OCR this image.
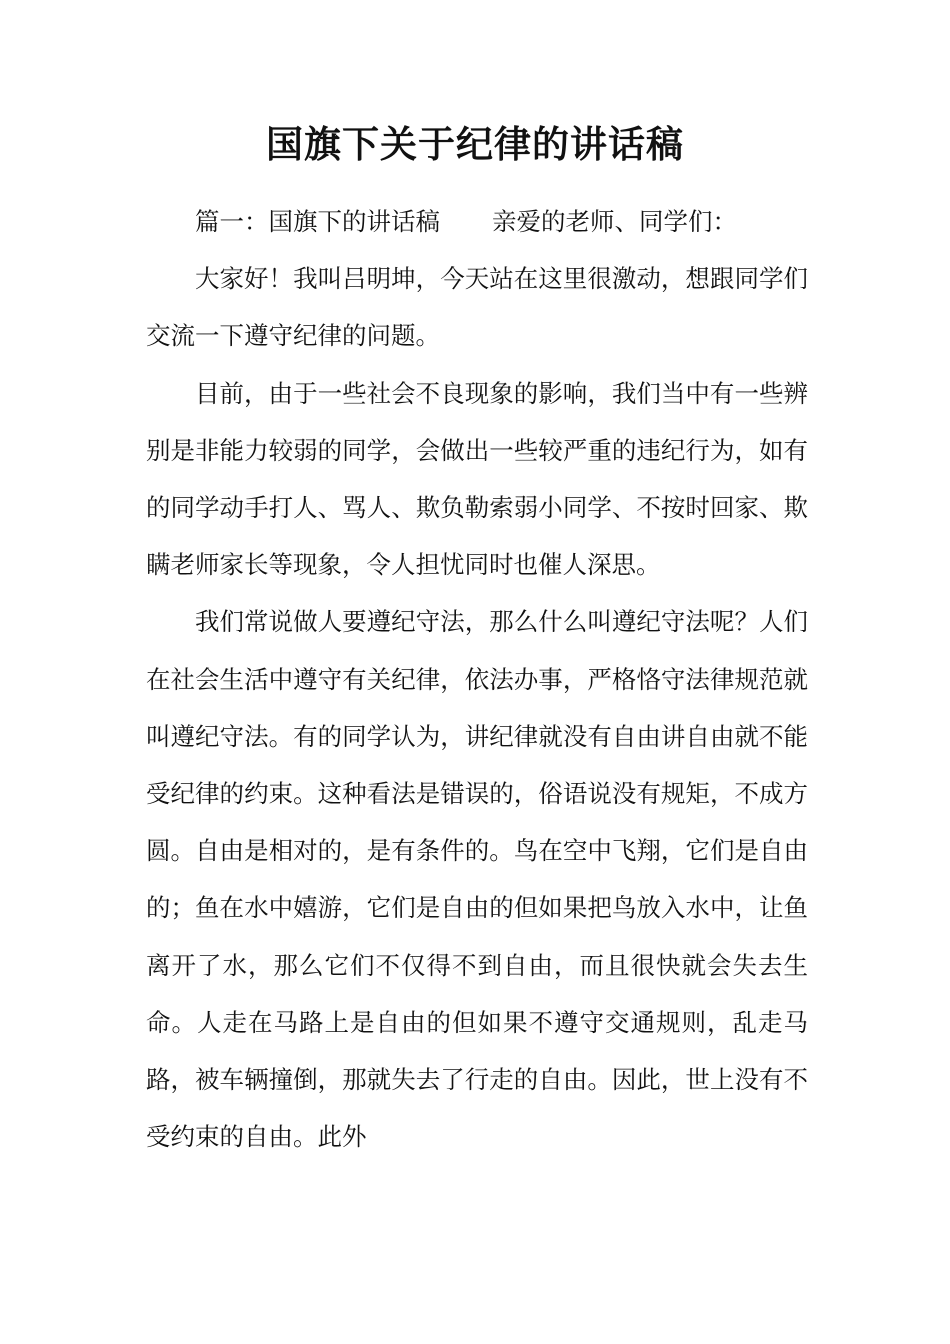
国旗下关于纪律的讲话稿

篇一：国旗下的讲话稿 亲爱的老师、同学们：

大家好！我叫吕明坤，今天站在这里很激动，想跟同学们交流一下遵守纪律的问题。

目前，由于一些社会不良现象的影响，我们当中有一些辨别是非能力较弱的同学，会做出一些较严重的违纪行为，如有的同学动手打人、骂人、欺负勒索弱小同学、不按时回家、欺瞒老师家长等现象，令人担忧同时也催人深思。

我们常说做人要遵纪守法，那么什么叫遵纪守法呢？人们在社会生活中遵守有关纪律，依法办事，严格恪守法律规范就叫遵纪守法。有的同学认为，讲纪律就没有自由讲自由就不能受纪律的约束。这种看法是错误的，俗语说没有规矩，不成方圆。自由是相对的，是有条件的。鸟在空中飞翔，它们是自由的；鱼在水中嬉游，它们是自由的但如果把鸟放入水中，让鱼离开了水，那么它们不仅得不到自由，而且很快就会失去生命。人走在马路上是自由的但如果不遵守交通规则，乱走马路，被车辆撞倒，那就失去了行走的自由。因此，世上没有不受约束的自由。此外
